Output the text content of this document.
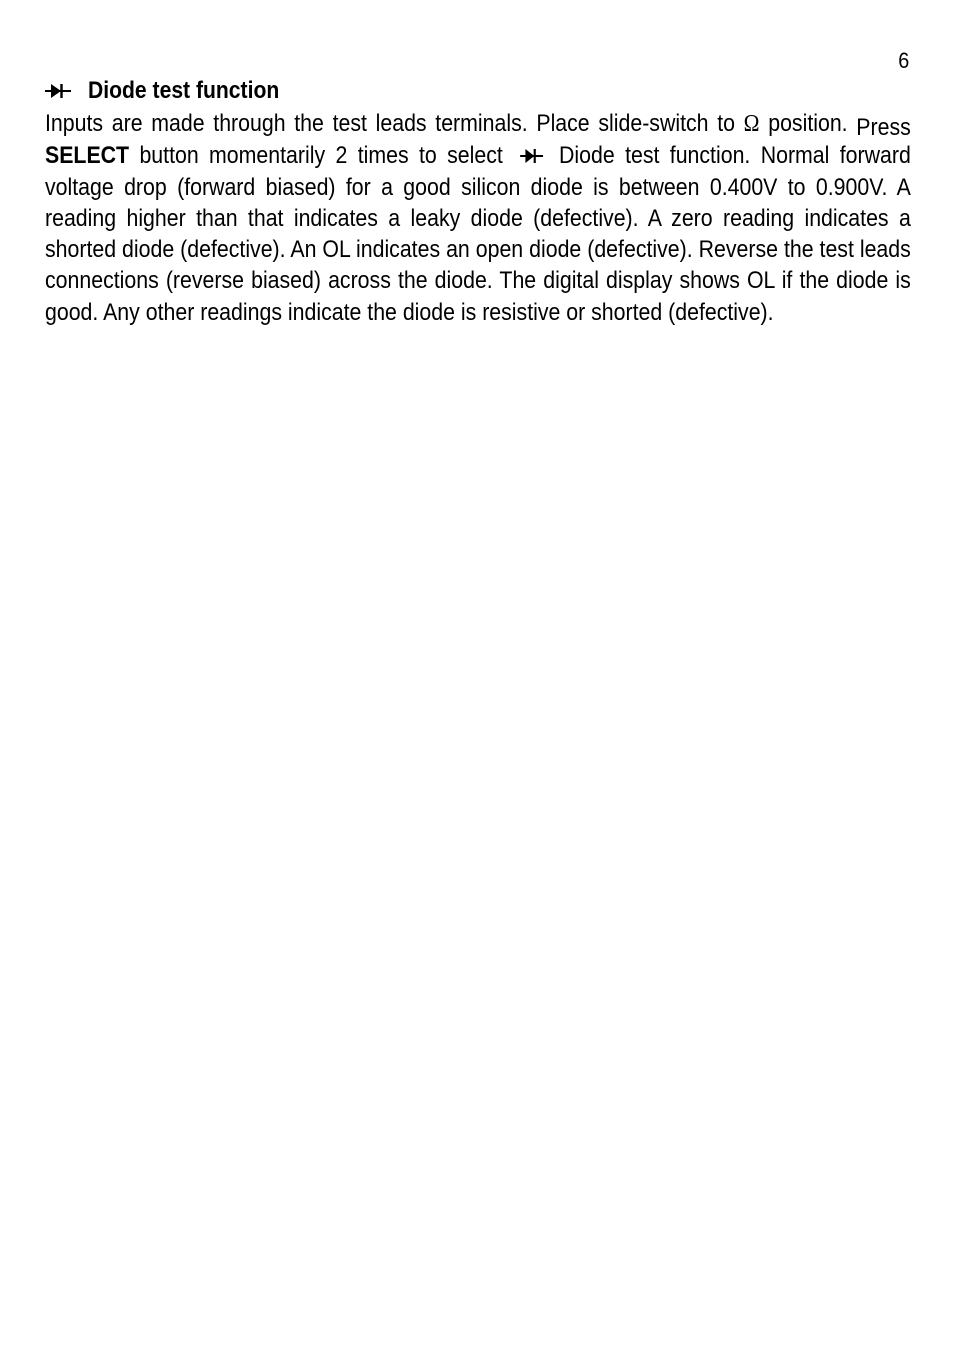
6
Diode test function
Inputs are made through the test leads terminals. Place slide-switch to Ω position. Press SELECT button momentarily 2 times to select  Diode test function. Normal forward voltage drop (forward biased) for a good silicon diode is between 0.400V to 0.900V. A reading higher than that indicates a leaky diode (defective). A zero reading indicates a shorted diode (defective). An OL indicates an open diode (defective). Reverse the test leads connections (reverse biased) across the diode. The digital display shows OL if the diode is good. Any other readings indicate the diode is resistive or shorted (defective).
